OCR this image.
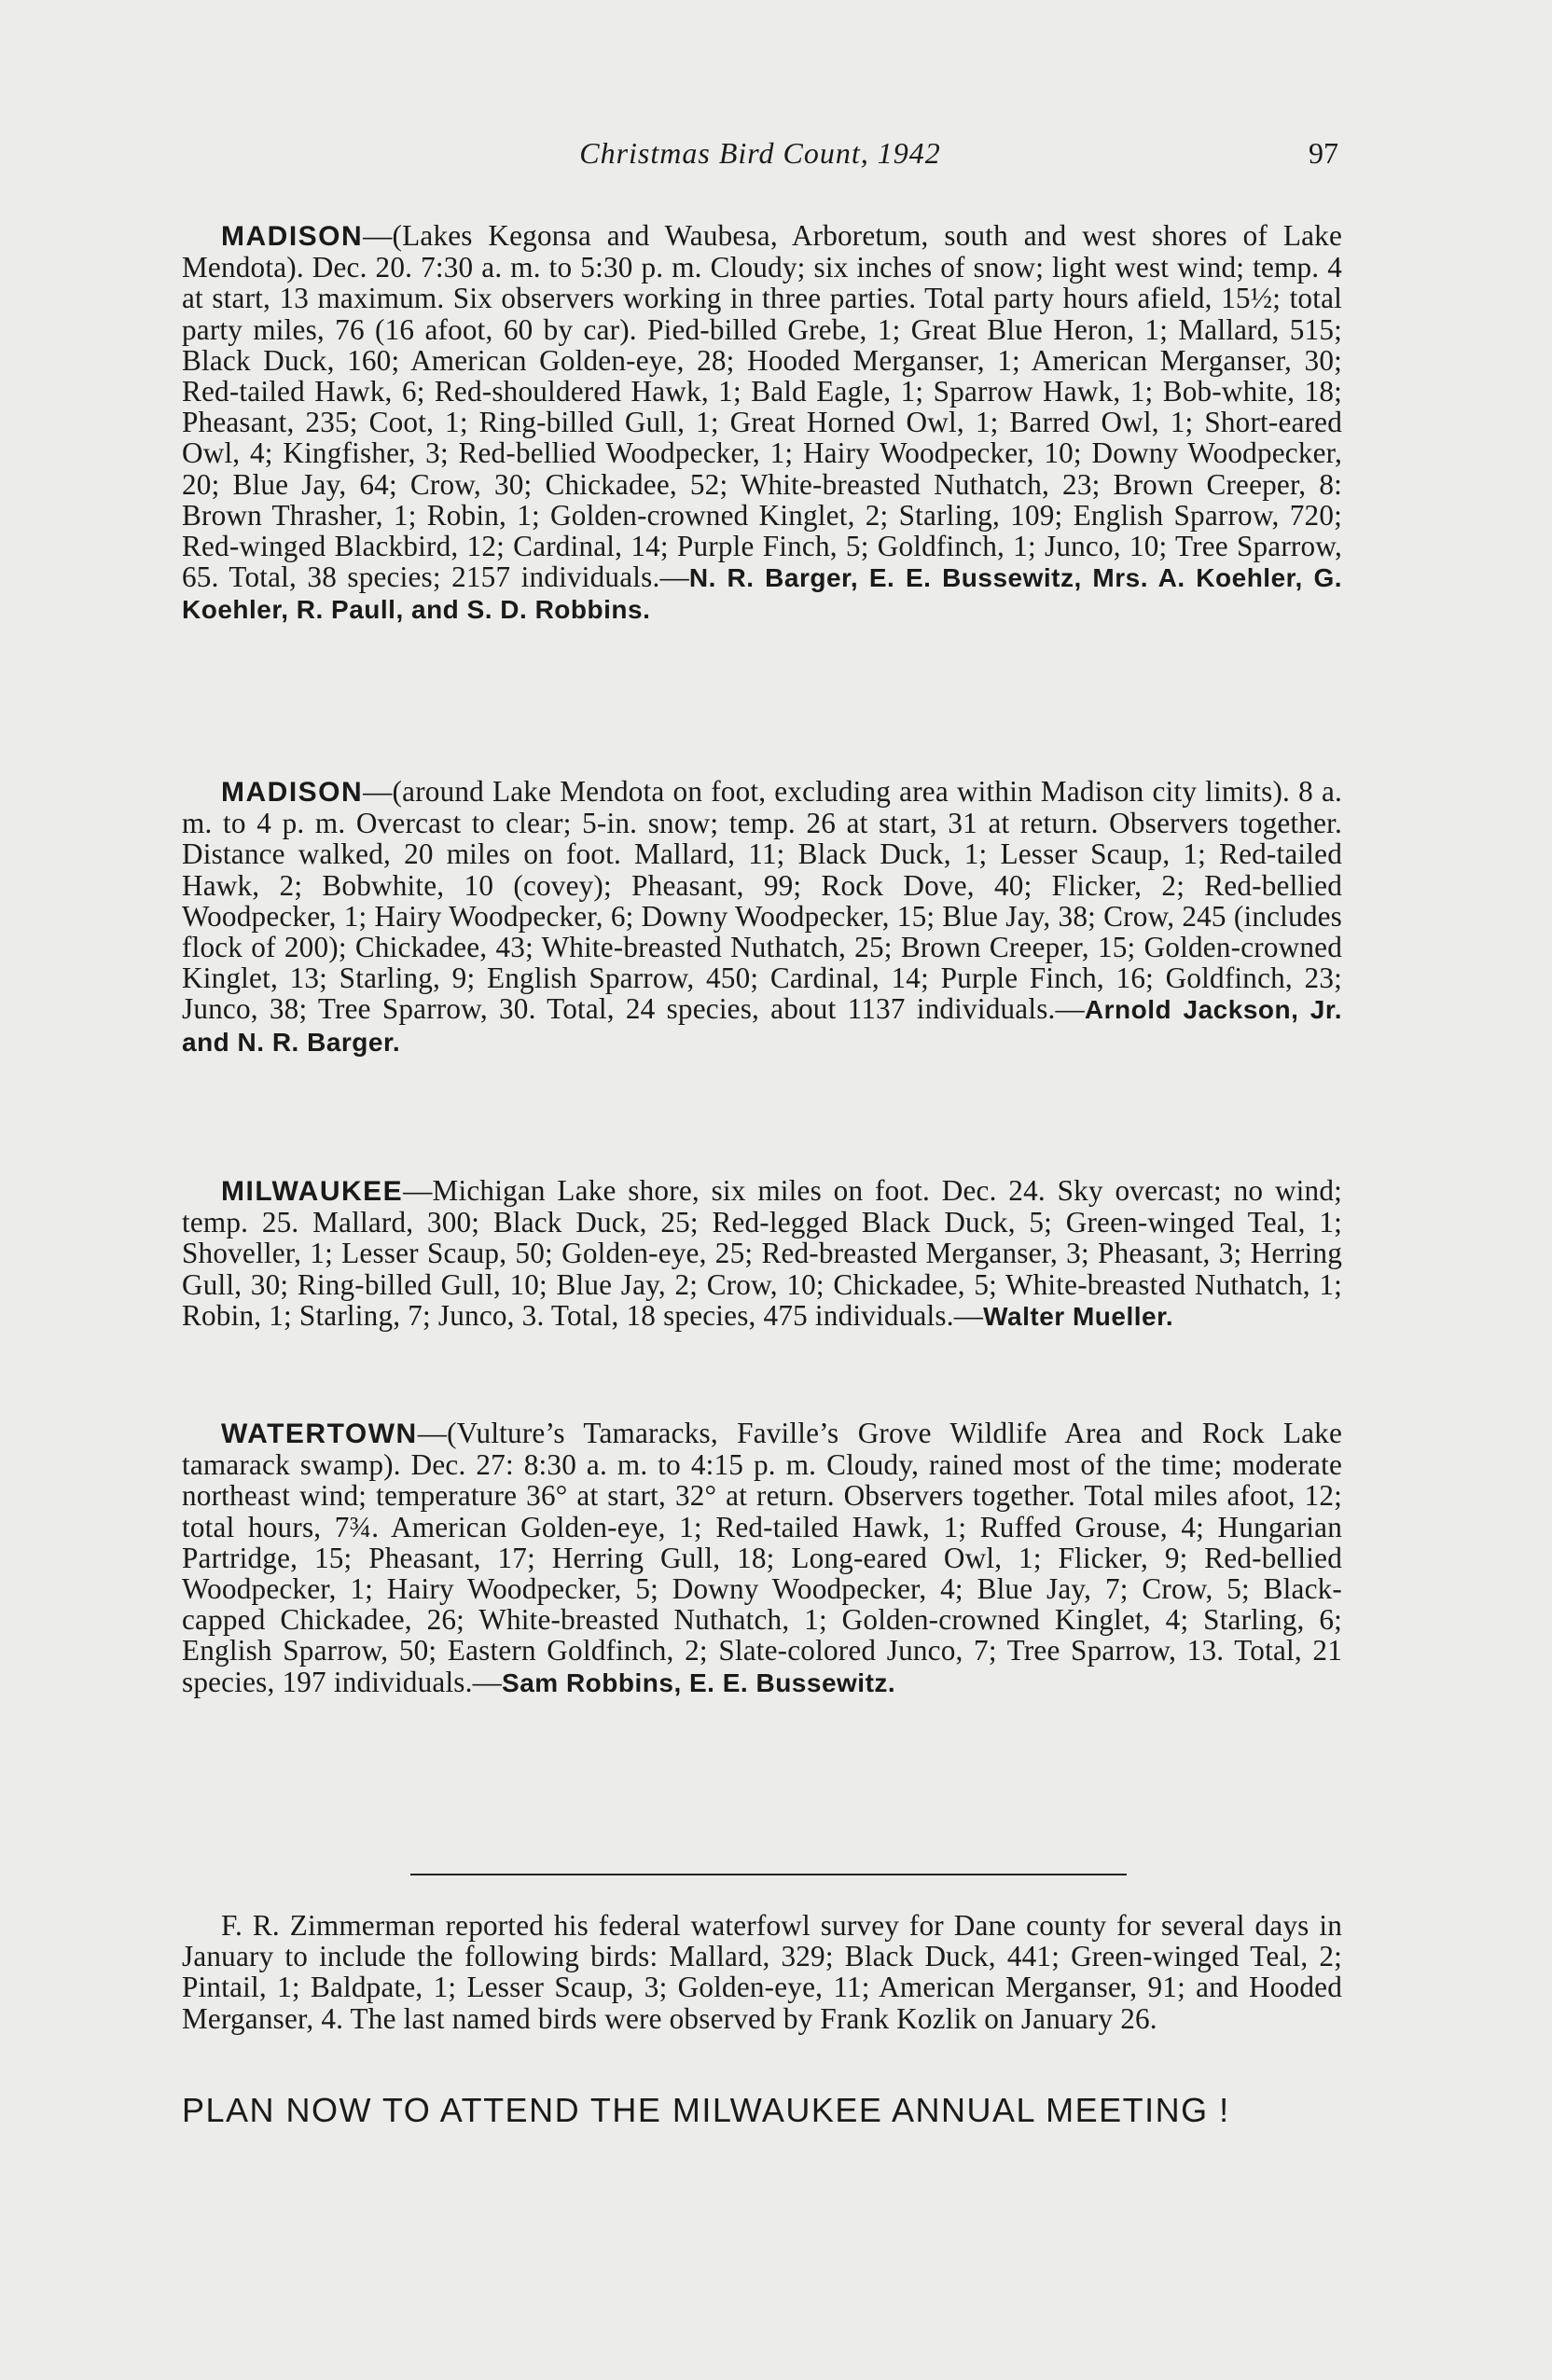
Christmas Bird Count, 1942	97

MADISON—(Lakes Kegonsa and Waubesa, Arboretum, south and west shores of Lake Mendota). Dec. 20. 7:30 a. m. to 5:30 p. m. Cloudy; six inches of snow; light west wind; temp. 4 at start, 13 maximum. Six observers working in three parties. Total party hours afield, 15½; total party miles, 76 (16 afoot, 60 by car). Pied-billed Grebe, 1; Great Blue Heron, 1; Mallard, 515; Black Duck, 160; American Golden-eye, 28; Hooded Merganser, 1; American Merganser, 30; Red-tailed Hawk, 6; Red-shouldered Hawk, 1; Bald Eagle, 1; Sparrow Hawk, 1; Bob-white, 18; Pheasant, 235; Coot, 1; Ring-billed Gull, 1; Great Horned Owl, 1; Barred Owl, 1; Short-eared Owl, 4; Kingfisher, 3; Red-bellied Woodpecker, 1; Hairy Woodpecker, 10; Downy Woodpecker, 20; Blue Jay, 64; Crow, 30; Chickadee, 52; White-breasted Nuthatch, 23; Brown Creeper, 8: Brown Thrasher, 1; Robin, 1; Golden-crowned Kinglet, 2; Starling, 109; English Sparrow, 720; Red-winged Blackbird, 12; Cardinal, 14; Purple Finch, 5; Goldfinch, 1; Junco, 10; Tree Sparrow, 65. Total, 38 species; 2157 individuals.—N. R. Barger, E. E. Bussewitz, Mrs. A. Koehler, G. Koehler, R. Paull, and S. D. Robbins.

MADISON—(around Lake Mendota on foot, excluding area within Madison city limits). 8 a. m. to 4 p. m. Overcast to clear; 5-in. snow; temp. 26 at start, 31 at return. Observers together. Distance walked, 20 miles on foot. Mallard, 11; Black Duck, 1; Lesser Scaup, 1; Red-tailed Hawk, 2; Bobwhite, 10 (covey); Pheasant, 99; Rock Dove, 40; Flicker, 2; Red-bellied Woodpecker, 1; Hairy Woodpecker, 6; Downy Woodpecker, 15; Blue Jay, 38; Crow, 245 (includes flock of 200); Chickadee, 43; White-breasted Nuthatch, 25; Brown Creeper, 15; Golden-crowned Kinglet, 13; Starling, 9; English Sparrow, 450; Cardinal, 14; Purple Finch, 16; Goldfinch, 23; Junco, 38; Tree Sparrow, 30. Total, 24 species, about 1137 individuals.—Arnold Jackson, Jr. and N. R. Barger.

MILWAUKEE—Michigan Lake shore, six miles on foot. Dec. 24. Sky overcast; no wind; temp. 25. Mallard, 300; Black Duck, 25; Red-legged Black Duck, 5; Green-winged Teal, 1; Shoveller, 1; Lesser Scaup, 50; Golden-eye, 25; Red-breasted Merganser, 3; Pheasant, 3; Herring Gull, 30; Ring-billed Gull, 10; Blue Jay, 2; Crow, 10; Chickadee, 5; White-breasted Nuthatch, 1; Robin, 1; Starling, 7; Junco, 3. Total, 18 species, 475 individuals.—Walter Mueller.

WATERTOWN—(Vulture’s Tamaracks, Faville’s Grove Wildlife Area and Rock Lake tamarack swamp). Dec. 27: 8:30 a. m. to 4:15 p. m. Cloudy, rained most of the time; moderate northeast wind; temperature 36° at start, 32° at return. Observers together. Total miles afoot, 12; total hours, 7¾. American Golden-eye, 1; Red-tailed Hawk, 1; Ruffed Grouse, 4; Hungarian Partridge, 15; Pheasant, 17; Herring Gull, 18; Long-eared Owl, 1; Flicker, 9; Red-bellied Woodpecker, 1; Hairy Woodpecker, 5; Downy Woodpecker, 4; Blue Jay, 7; Crow, 5; Black-capped Chickadee, 26; White-breasted Nuthatch, 1; Golden-crowned Kinglet, 4; Starling, 6; English Sparrow, 50; Eastern Goldfinch, 2; Slate-colored Junco, 7; Tree Sparrow, 13. Total, 21 species, 197 individuals.—Sam Robbins, E. E. Bussewitz.

F. R. Zimmerman reported his federal waterfowl survey for Dane county for several days in January to include the following birds: Mallard, 329; Black Duck, 441; Green-winged Teal, 2; Pintail, 1; Baldpate, 1; Lesser Scaup, 3; Golden-eye, 11; American Merganser, 91; and Hooded Merganser, 4. The last named birds were observed by Frank Kozlik on January 26.

PLAN NOW TO ATTEND THE MILWAUKEE ANNUAL MEETING !
